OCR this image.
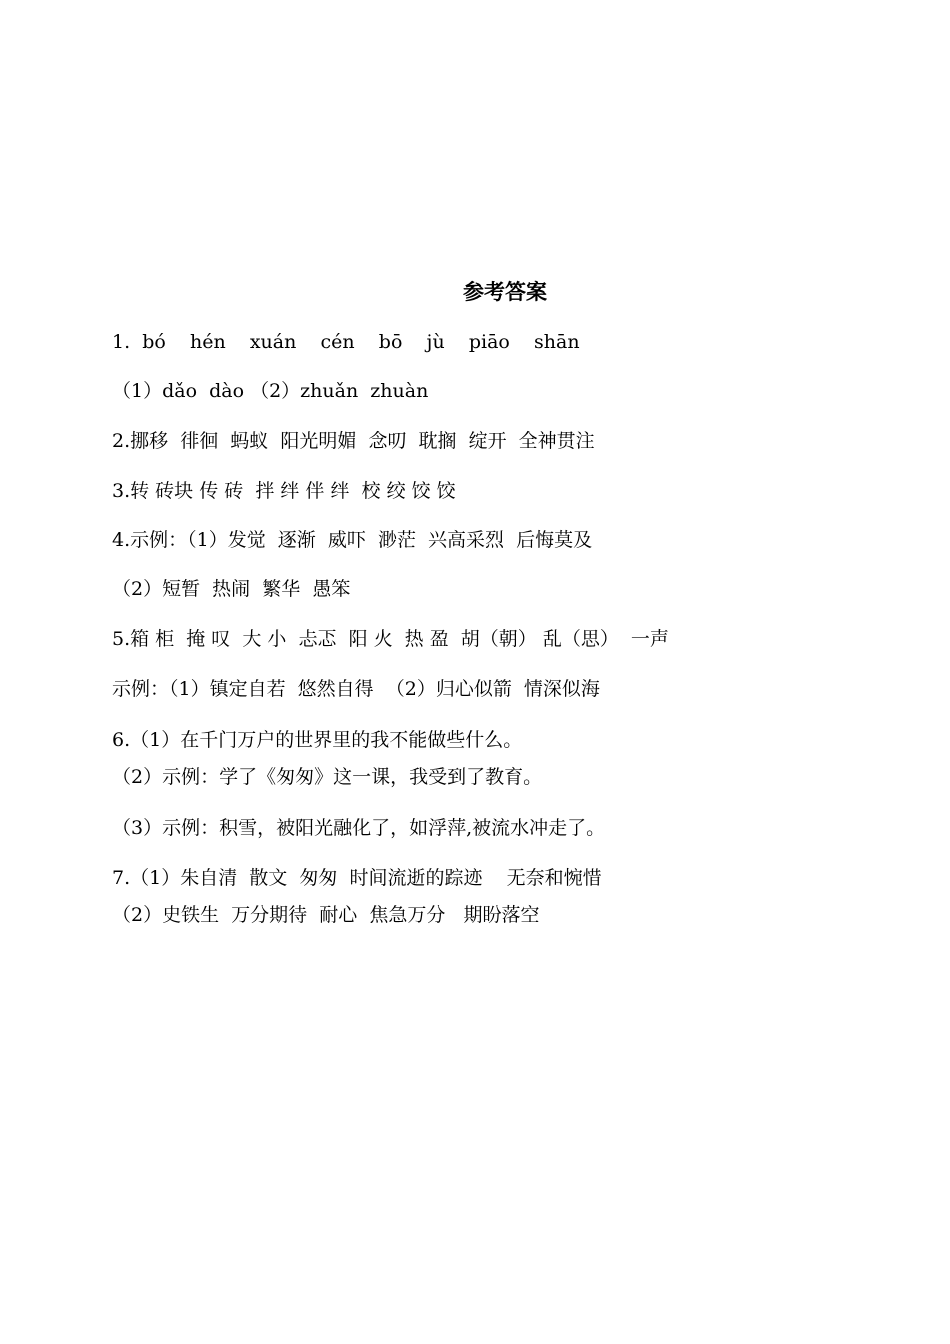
参考答案
1.  bó    hén    xuán    cén    bō    jù    piāo    shān
（1）dǎo  dào （2）zhuǎn  zhuàn
2.挪移  徘徊  蚂蚁  阳光明媚  念叨  耽搁  绽开  全神贯注
3.转 砖块 传 砖  拌 绊 伴 绊  校 绞 饺 饺
4.示例：（1）发觉  逐渐  威吓  渺茫  兴高采烈  后悔莫及
（2）短暂  热闹  繁华  愚笨
5.箱 柜  掩 叹  大 小  忐忑  阳 火  热 盈  胡（朝） 乱（思）  一声
示例：（1）镇定自若  悠然自得  （2）归心似箭  情深似海
6.（1）在千门万户的世界里的我不能做些什么。
（2）示例：学了《匆匆》这一课，我受到了教育。
（3）示例：积雪，被阳光融化了，如浮萍,被流水冲走了。
7.（1）朱自清  散文  匆匆  时间流逝的踪迹    无奈和惋惜
（2）史铁生  万分期待  耐心  焦急万分   期盼落空
